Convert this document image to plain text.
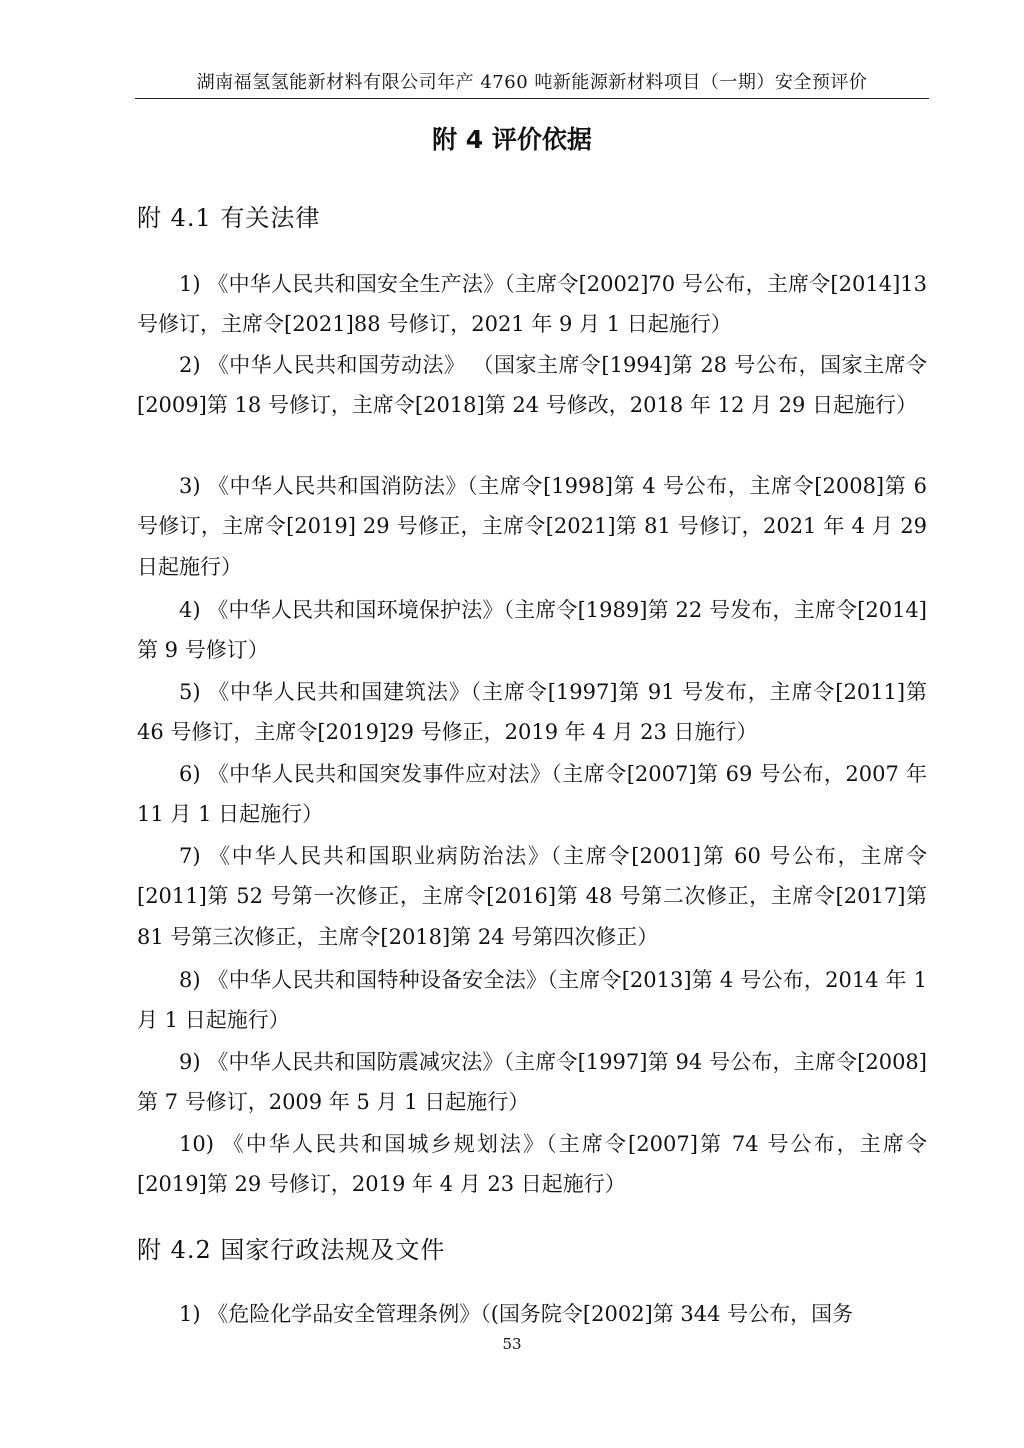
湖南福氢氢能新材料有限公司年产 4760 吨新能源新材料项目（一期）安全预评价
附 4 评价依据
附 4.1 有关法律
1) 《中华人民共和国安全生产法》（主席令[2002]70 号公布，主席令[2014]13 号修订，主席令[2021]88 号修订，2021 年 9 月 1 日起施行）
2) 《中华人民共和国劳动法》 （国家主席令[1994]第 28 号公布，国家主席令[2009]第 18 号修订，主席令[2018]第 24 号修改，2018 年 12 月 29 日起施行）
3) 《中华人民共和国消防法》（主席令[1998]第 4 号公布，主席令[2008]第 6 号修订，主席令[2019] 29 号修正，主席令[2021]第 81 号修订，2021 年 4 月 29 日起施行）
4) 《中华人民共和国环境保护法》（主席令[1989]第 22 号发布，主席令[2014]第 9 号修订）
5) 《中华人民共和国建筑法》（主席令[1997]第 91 号发布，主席令[2011]第 46 号修订，主席令[2019]29 号修正，2019 年 4 月 23 日施行）
6) 《中华人民共和国突发事件应对法》（主席令[2007]第 69 号公布，2007 年 11 月 1 日起施行）
7) 《中华人民共和国职业病防治法》（主席令[2001]第 60 号公布，主席令[2011]第 52 号第一次修正，主席令[2016]第 48 号第二次修正，主席令[2017]第 81 号第三次修正，主席令[2018]第 24 号第四次修正）
8) 《中华人民共和国特种设备安全法》（主席令[2013]第 4 号公布，2014 年 1 月 1 日起施行）
9) 《中华人民共和国防震减灾法》（主席令[1997]第 94 号公布，主席令[2008]第 7 号修订，2009 年 5 月 1 日起施行）
10) 《中华人民共和国城乡规划法》（主席令[2007]第 74 号公布，主席令[2019]第 29 号修订，2019 年 4 月 23 日起施行）
附 4.2 国家行政法规及文件
1) 《危险化学品安全管理条例》（(国务院令[2002]第 344 号公布，国务
53
